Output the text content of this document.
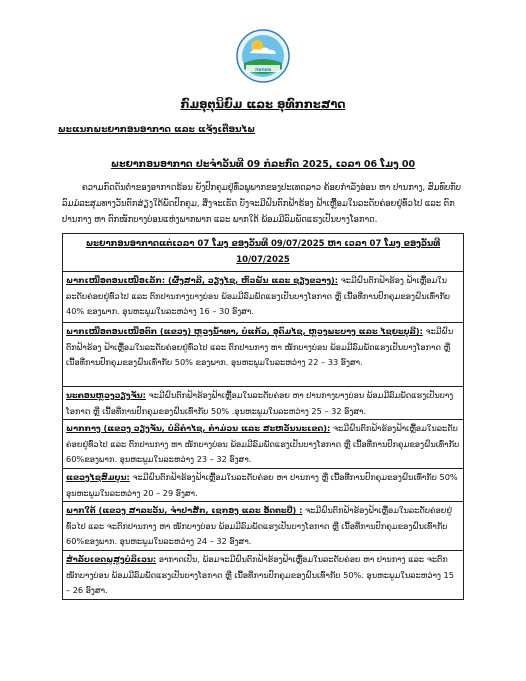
ກອຂອອ
ກົມອຸຕຸນິຍົມ ແລະ ອຸທົກກະສາດ
ພະແນກພະຍາກອນອາກາດ ແລະ ແຈ້ງເຕືອນໄພ
ພະຍາກອນອາກາດ ປະຈຳວັນທີ 09 ກໍລະກົດ 2025, ເວລາ 06 ໂມງ 00

ຄວາມກົດດັນຕ່ຳຂອງອາກາດຮ້ອນ ຍັງປົກຄຸມຢູ່ທົ່ວພູພາກຂອງປະເທດລາວ ຄ້ອຍກຳລັງອ່ອນ ຫາ ປານກາງ, ສົມທົບກັບລົມມໍລະສຸມທາງວັນຕົກສ່ຽງໃຕ້ພັດປົກຄຸມ, ສິ່ງຈະເຮັດ ບັງຈະມີຝົນຕົກຟ້າຮ້ອງ ຟ້າເຫຼື້ອມໃນລະດັບຄ່ອຍຢູ່ທົ່ວໄປ ແລະ ຕົກປານກາງ ຫາ ຕົກໜັກບາງບ່ອນແຫ່ງພາກພາກ ແລະ ພາກໃຕ້ ພ້ອມມີລົມພັດແຮງເປັນບາງໂອກາດ.

ພະຍາກອນອາກາດແຕ່ເວລາ 07 ໂມງ ຂອງວັນທີ 09/07/2025 ຫາ ເວລາ 07 ໂມງ ຂອງວັນທີ 10/07/2025
ພາກເໜືອຕອນເໜືອເລັກ: (ຜົ້ງສາລີ, ວຽງໄຊ, ຫົວພັນ ແລະ ຊຽງຂວາງ): ຈະມີຝົນຕົກຟ້າຮ້ອງ ຟ້າເຫຼື້ອມໃນລະດັບຄ່ອຍຢູ່ທົ່ວໄປ ແລະ ຕົກປານກາງບາງບ່ອນ ພ້ອມມີລົມພັດແຮງເປັນບາງໂອກາດ ຫຼື ເນື້ອທີ່ການປົກຄຸມຂອງຝົນເທົ່າກັບ 40% ຂອງພາກ. ອຸນຫະພູມໃນລະຫວ່າງ 16 – 30 ອົງສາ.
ພາກເໜືອຕອນເໜືອຕົກ (ແຂວງ) ຫຼວງນ້ຳທາ, ບໍ່ແກ້ວ, ອຸດົມໄຊ, ຫຼວງພະບາງ ແລະ ໄຊຍະບູລີ): ຈະມີຝົນຕົກຟ້າຮ້ອງ ຟ້າເຫຼື້ອມໃນລະດັບຄ່ອຍຢູ່ທົ່ວໄປ ແລະ ຕົກປານກາງ ຫາ ໜັກບາງບ່ອນ ພ້ອມມີລົມພັດແຮງເປັນບາງໂອກາດ ຫຼື ເນື້ອທີ່ການປົກຄຸມຂອງຝົນເທົ່າກັບ 50% ຂອງພາກ. ອຸນຫະພູມໃນລະຫວ່າງ 22 – 33 ອົງສາ.
ນະຄອນຫຼວງວຽງຈັນ: ຈະມີຝົນຕົກຟ້າຮ້ອງຟ້າເຫຼື້ອມໃນລະດັບຄ່ອຍ ຫາ ປານກາງບາງບ່ອນ ພ້ອມມີລົມພັດແຮງເປັນບາງໂອກາດ ຫຼື ເນື້ອທີ່ການປົກຄຸມຂອງຝົນເທົ່າກັບ 50% .ອຸນຫະພູມໃນລະຫວ່າງ 25 – 32 ອົງສາ.
ພາກກາງ (ແຂວງ ວຽງຈັນ, ບໍລິຄຳໄຊ, ຄຳມ່ວນ ແລະ ສະຫວັນນະເຂດ): ຈະມີຝົນຕົກຟ້າຮ້ອງຟ້າເຫຼື້ອມໃນລະດັບຄ່ອຍຢູ່ທົ່ວໄປ ແລະ ຕົກປານກາງ ຫາ ໜັກບາງບ່ອນ ພ້ອມມີລົມພັດແຮງເປັນບາງໂອກາດ ຫຼື ເນື້ອທີ່ການປົກຄຸມຂອງຝົນເທົ່າກັບ 60%ຂອງພາກ. ອຸນຫະພູມໃນລະຫວ່າງ 23 – 32 ອົງສາ.
ແຂວງໄຊສົມບູນ: ຈະມີຝົນຕົກຟ້າຮ້ອງຟ້າເຫຼື້ອມໃນລະດັບຄ່ອຍ ຫາ ປານກາງ ຫຼື ເນື້ອທີ່ການປົກຄຸມຂອງຝົນເທົ່າກັບ 50% ອຸນຫະພູມໃນລະຫວ່າງ 20 – 29 ອົງສາ.
ພາກໃຕ້ (ແຂວງ ສາລະວັນ, ຈຳປາສັກ, ເຊກອງ ແລະ ອັດຕະປື) : ຈະມີຝົນຕົກຟ້າຮ້ອງຟ້າເຫຼື້ອມໃນລະດັບຄ່ອຍຢູ່ທົ່ວໄປ ແລະ ຈະຕົກປານກາງ ຫາ ໜັກບາງບ່ອນ ພ້ອມມີລົມພັດແຮງເປັນບາງໂອກາດ ຫຼື ເນື້ອທີ່ການປົກຄຸມຂອງຝົນເທົ່າກັບ 60%ຂອງພາກ. ອຸນຫະພູມໃນລະຫວ່າງ 24 – 32 ອົງສາ.
ສຳລັບເຂດພູສູງບໍລິເວນ: ອາກາດເປັນ, ພ້ອມຈະມີຝົນຕົກຟ້າຮ້ອງຟ້າເຫຼື້ອມໃນລະດັບຄ່ອຍ ຫາ ປານກາງ ແລະ ຈະຕົກໜັກບາງບ່ອນ ພ້ອມມີລົມພັດແຮງເປັນບາງໂອກາດ ຫຼື ເນື້ອທີ່ການປົກຄຸມຂອງຝົນເທົ່າກັບ 50%. ອຸນຫະພູມໃນລະຫວ່າງ 15 – 26 ອົງສາ.
